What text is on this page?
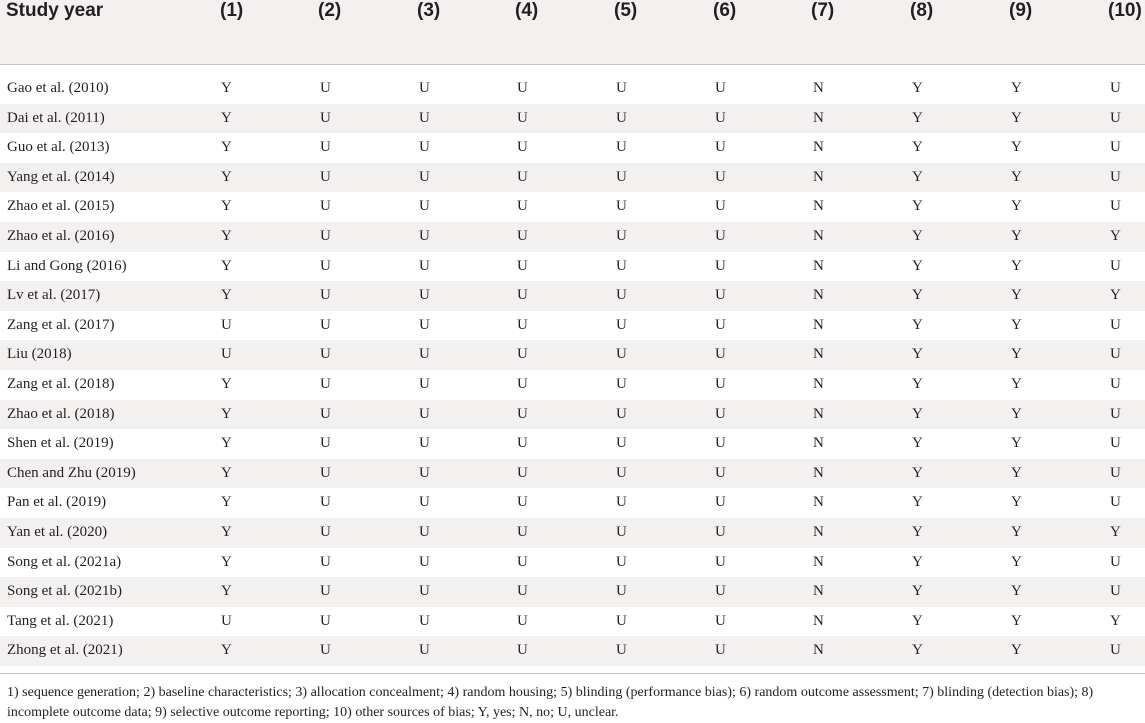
Study year	(1)	(2)	(3)	(4)	(5)	(6)	(7)	(8)	(9)	(10)
Gao et al. (2010)	Y	U	U	U	U	U	N	Y	Y	U
Dai et al. (2011)	Y	U	U	U	U	U	N	Y	Y	U
Guo et al. (2013)	Y	U	U	U	U	U	N	Y	Y	U
Yang et al. (2014)	Y	U	U	U	U	U	N	Y	Y	U
Zhao et al. (2015)	Y	U	U	U	U	U	N	Y	Y	U
Zhao et al. (2016)	Y	U	U	U	U	U	N	Y	Y	Y
Li and Gong (2016)	Y	U	U	U	U	U	N	Y	Y	U
Lv et al. (2017)	Y	U	U	U	U	U	N	Y	Y	Y
Zang et al. (2017)	U	U	U	U	U	U	N	Y	Y	U
Liu (2018)	U	U	U	U	U	U	N	Y	Y	U
Zang et al. (2018)	Y	U	U	U	U	U	N	Y	Y	U
Zhao et al. (2018)	Y	U	U	U	U	U	N	Y	Y	U
Shen et al. (2019)	Y	U	U	U	U	U	N	Y	Y	U
Chen and Zhu (2019)	Y	U	U	U	U	U	N	Y	Y	U
Pan et al. (2019)	Y	U	U	U	U	U	N	Y	Y	U
Yan et al. (2020)	Y	U	U	U	U	U	N	Y	Y	Y
Song et al. (2021a)	Y	U	U	U	U	U	N	Y	Y	U
Song et al. (2021b)	Y	U	U	U	U	U	N	Y	Y	U
Tang et al. (2021)	U	U	U	U	U	U	N	Y	Y	Y
Zhong et al. (2021)	Y	U	U	U	U	U	N	Y	Y	U
1) sequence generation; 2) baseline characteristics; 3) allocation concealment; 4) random housing; 5) blinding (performance bias); 6) random outcome assessment; 7) blinding (detection bias); 8) incomplete outcome data; 9) selective outcome reporting; 10) other sources of bias; Y, yes; N, no; U, unclear.
